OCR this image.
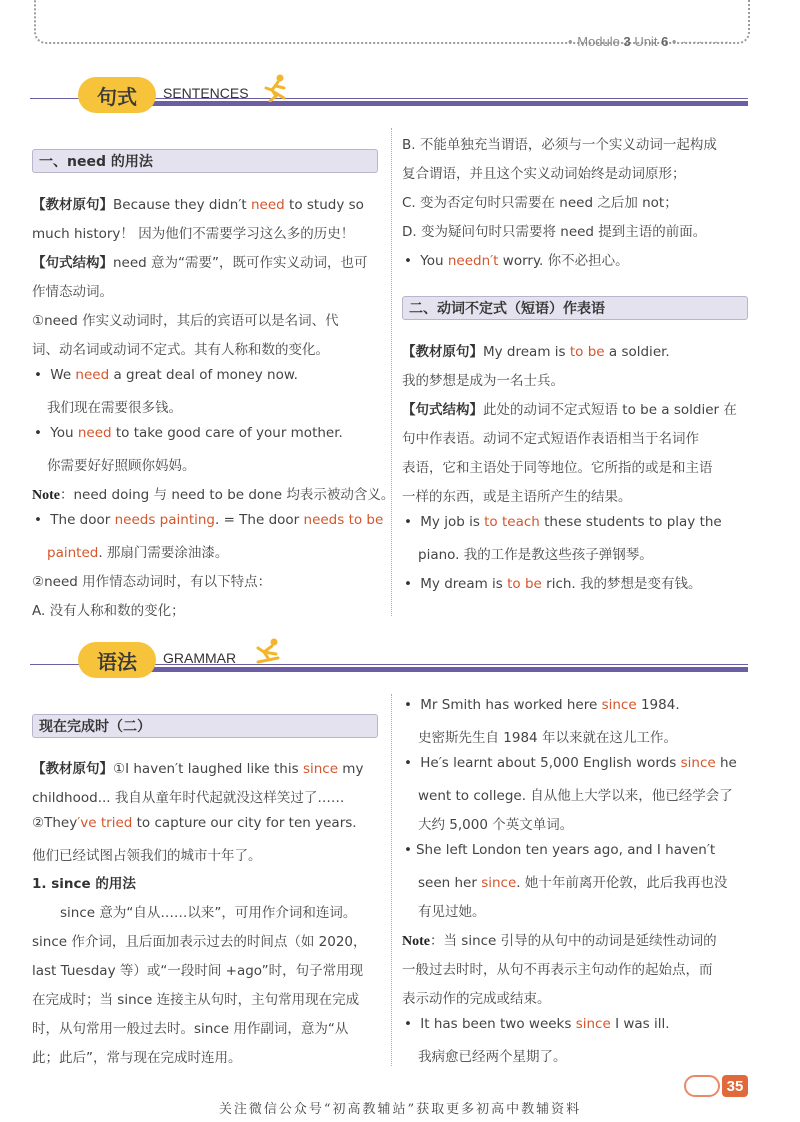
• Module 3 Unit 6 • ·········
句式	SENTENCES
一、need 的用法
【教材原句】Because they didn′t need to study so
much history！ 因为他们不需要学习这么多的历史！
【句式结构】need 意为“需要”，既可作实义动词，也可
作情态动词。
①need 作实义动词时，其后的宾语可以是名词、代
词、动名词或动词不定式。其有人称和数的变化。
• We need a great deal of money now.
我们现在需要很多钱。
• You need to take good care of your mother.
你需要好好照顾你妈妈。
Note：need doing 与 need to be done 均表示被动含义。
• The door needs painting. = The door needs to be
painted. 那扇门需要涂油漆。
②need 用作情态动词时，有以下特点：
A. 没有人称和数的变化；
B. 不能单独充当谓语，必须与一个实义动词一起构成
复合谓语，并且这个实义动词始终是动词原形；
C. 变为否定句时只需要在 need 之后加 not；
D. 变为疑问句时只需要将 need 提到主语的前面。
• You needn′t worry. 你不必担心。
二、动词不定式（短语）作表语
【教材原句】My dream is to be a soldier.
我的梦想是成为一名士兵。
【句式结构】此处的动词不定式短语 to be a soldier 在
句中作表语。动词不定式短语作表语相当于名词作
表语，它和主语处于同等地位。它所指的或是和主语
一样的东西，或是主语所产生的结果。
• My job is to teach these students to play the
piano. 我的工作是教这些孩子弹钢琴。
• My dream is to be rich. 我的梦想是变有钱。
语法	GRAMMAR
现在完成时（二）
【教材原句】①I haven′t laughed like this since my
childhood... 我自从童年时代起就没这样笑过了……
②They′ve tried to capture our city for ten years.
他们已经试图占领我们的城市十年了。
1. since 的用法
since 意为“自从……以来”，可用作介词和连词。
since 作介词，且后面加表示过去的时间点（如 2020，
last Tuesday 等）或“一段时间 +ago”时，句子常用现
在完成时；当 since 连接主从句时，主句常用现在完成
时，从句常用一般过去时。since 用作副词，意为“从
此；此后”，常与现在完成时连用。
• Mr Smith has worked here since 1984.
史密斯先生自 1984 年以来就在这儿工作。
• He′s learnt about 5,000 English words since he
went to college. 自从他上大学以来，他已经学会了
大约 5,000 个英文单词。
• She left London ten years ago, and I haven′t
seen her since. 她十年前离开伦敦，此后我再也没
有见过她。
Note：当 since 引导的从句中的动词是延续性动词的
一般过去时时，从句不再表示主句动作的起始点，而
表示动作的完成或结束。
• It has been two weeks since I was ill.
我病愈已经两个星期了。
35
关注微信公众号“初高教辅站”获取更多初高中教辅资料
